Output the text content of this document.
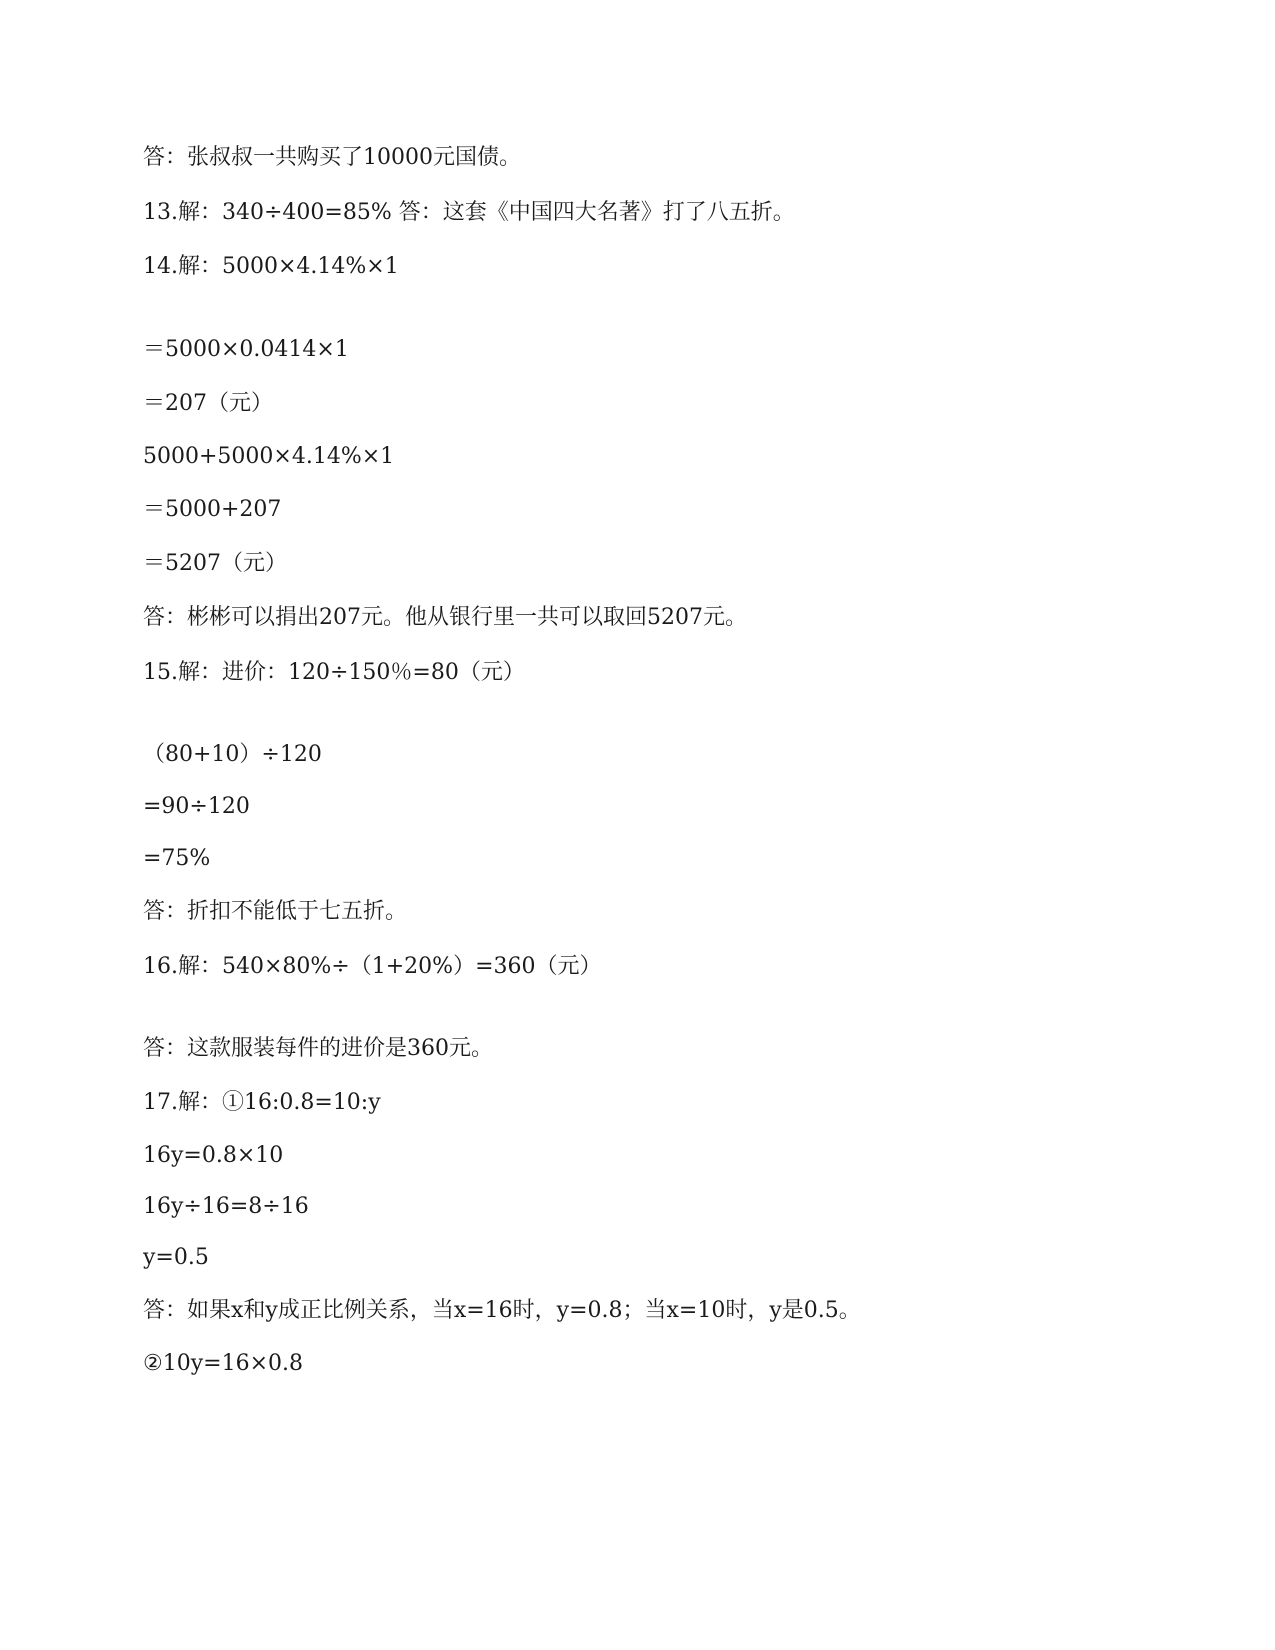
答：张叔叔一共购买了10000元国债。
13.解：340÷400=85% 答：这套《中国四大名著》打了八五折。
14.解：5000×4.14%×1
＝5000×0.0414×1
＝207（元）
5000+5000×4.14%×1
＝5000+207
＝5207（元）
答：彬彬可以捐出207元。他从银行里一共可以取回5207元。
15.解：进价：120÷150％=80（元）
（80+10）÷120
=90÷120
=75%
答：折扣不能低于七五折。
16.解：540×80%÷（1+20%）=360（元）
答：这款服装每件的进价是360元。
17.解：①16:0.8=10:y
16y=0.8×10
16y÷16=8÷16
y=0.5
答：如果x和y成正比例关系，当x=16时，y=0.8；当x=10时，y是0.5。
②10y=16×0.8
